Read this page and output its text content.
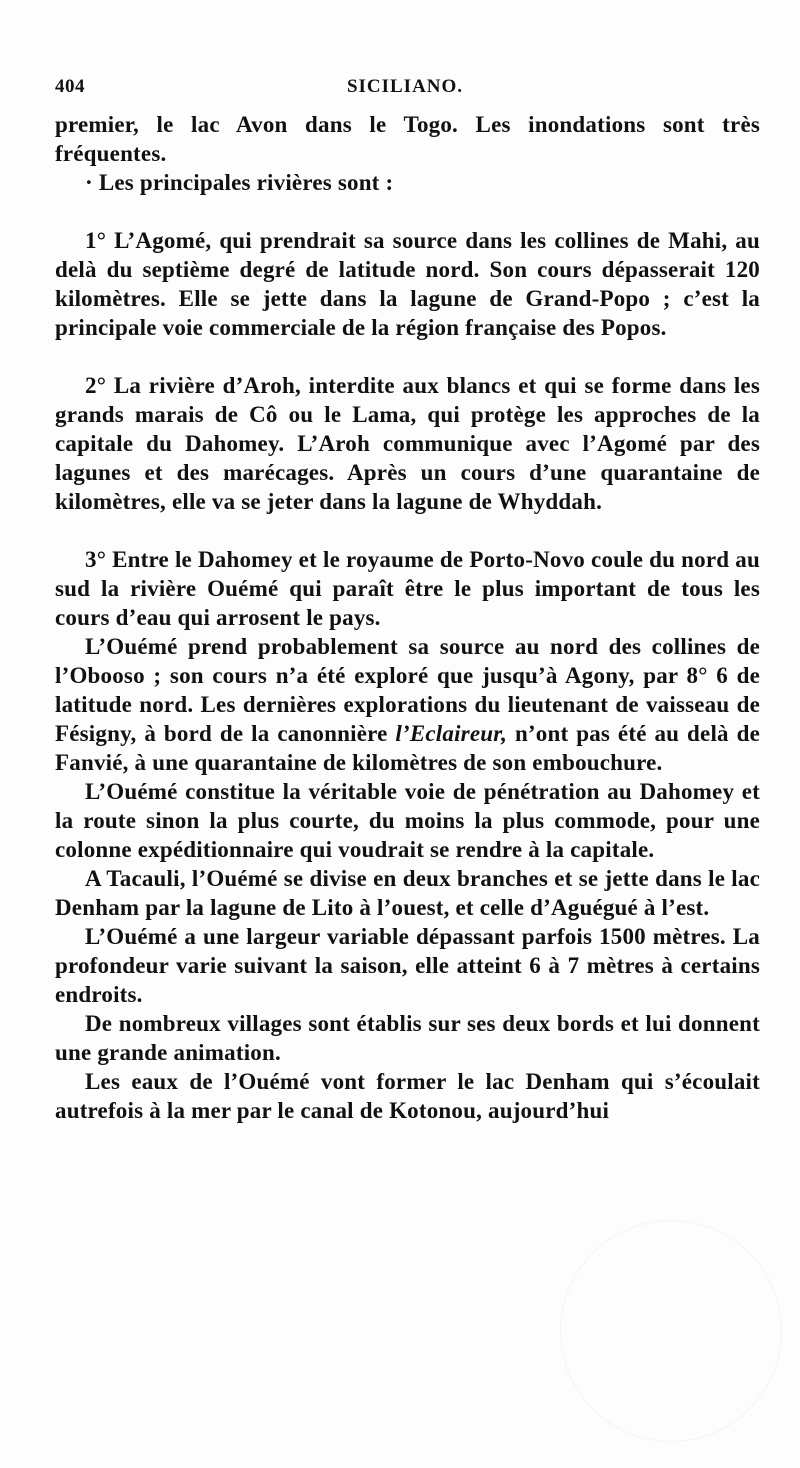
404	SICILIANO.

premier, le lac Avon dans le Togo. Les inondations sont très fréquentes.

· Les principales rivières sont :

1° L’Agomé, qui prendrait sa source dans les collines de Mahi, au delà du septième degré de latitude nord. Son cours dépasserait 120 kilomètres. Elle se jette dans la lagune de Grand-Popo ; c’est la principale voie commerciale de la région française des Popos.

2° La rivière d’Aroh, interdite aux blancs et qui se forme dans les grands marais de Cô ou le Lama, qui protège les approches de la capitale du Dahomey. L’Aroh communique avec l’Agomé par des lagunes et des marécages. Après un cours d’une quarantaine de kilomètres, elle va se jeter dans la lagune de Whyddah.

3° Entre le Dahomey et le royaume de Porto-Novo coule du nord au sud la rivière Ouémé qui paraît être le plus important de tous les cours d’eau qui arrosent le pays.

L’Ouémé prend probablement sa source au nord des collines de l’Obooso ; son cours n’a été exploré que jusqu’à Agony, par 8° 6 de latitude nord. Les dernières explorations du lieutenant de vaisseau de Fésigny, à bord de la canonnière l’Eclaireur, n’ont pas été au delà de Fanvié, à une quarantaine de kilomètres de son embouchure.

L’Ouémé constitue la véritable voie de pénétration au Dahomey et la route sinon la plus courte, du moins la plus commode, pour une colonne expéditionnaire qui voudrait se rendre à la capitale.

A Tacauli, l’Ouémé se divise en deux branches et se jette dans le lac Denham par la lagune de Lito à l’ouest, et celle d’Aguégué à l’est.

L’Ouémé a une largeur variable dépassant parfois 1500 mètres. La profondeur varie suivant la saison, elle atteint 6 à 7 mètres à certains endroits.

De nombreux villages sont établis sur ses deux bords et lui donnent une grande animation.

Les eaux de l’Ouémé vont former le lac Denham qui s’écoulait autrefois à la mer par le canal de Kotonou, aujourd’hui
